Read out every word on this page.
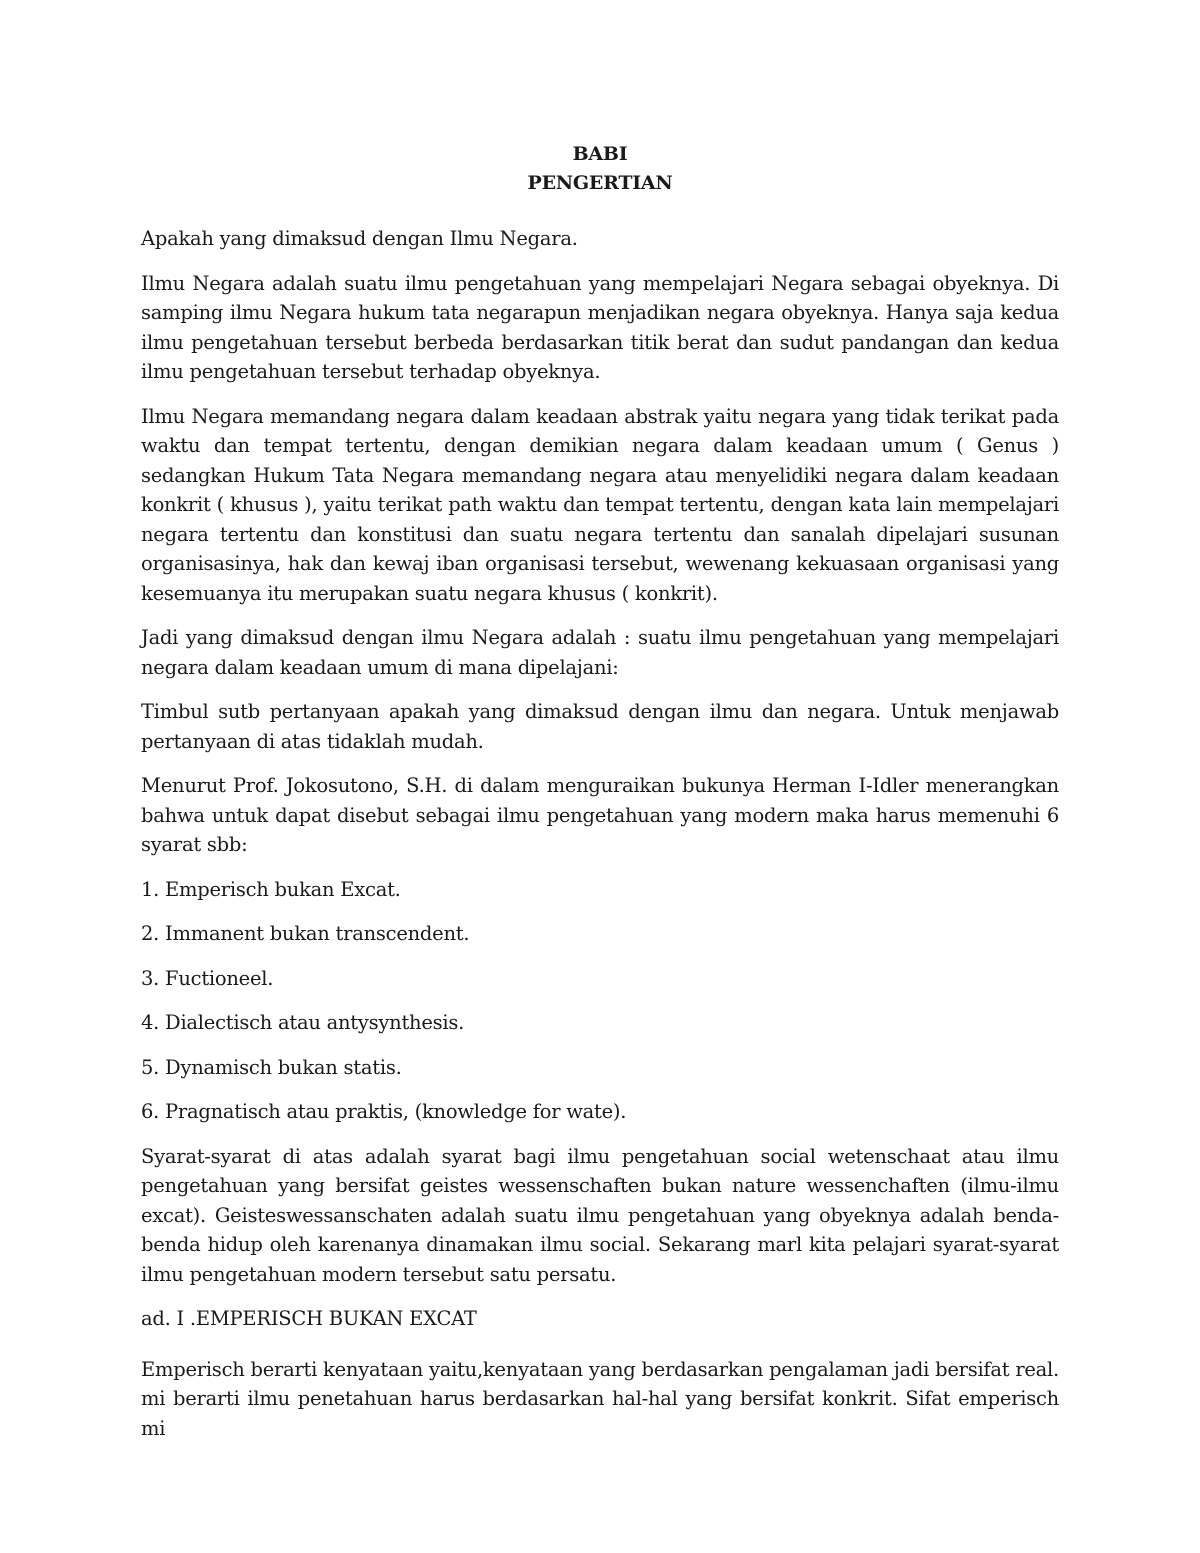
BABI

PENGERTIAN

Apakah yang dimaksud dengan Ilmu Negara.

Ilmu Negara adalah suatu ilmu pengetahuan yang mempelajari Negara sebagai obyeknya. Di samping ilmu Negara hukum tata negarapun menjadikan negara obyeknya. Hanya saja kedua ilmu pengetahuan tersebut berbeda berdasarkan titik berat dan sudut pandangan dan kedua ilmu pengetahuan tersebut terhadap obyeknya.

Ilmu Negara memandang negara dalam keadaan abstrak yaitu negara yang tidak terikat pada waktu dan tempat tertentu, dengan demikian negara dalam keadaan umum ( Genus ) sedangkan Hukum Tata Negara memandang negara atau menyelidiki negara dalam keadaan konkrit ( khusus ), yaitu terikat path waktu dan tempat tertentu, dengan kata lain mempelajari negara tertentu dan konstitusi dan suatu negara tertentu dan sanalah dipelajari susunan organisasinya, hak dan kewaj iban organisasi tersebut, wewenang kekuasaan organisasi yang kesemuanya itu merupakan suatu negara khusus ( konkrit).

Jadi yang dimaksud dengan ilmu Negara adalah : suatu ilmu pengetahuan yang mempelajari negara dalam keadaan umum di mana dipelajani:

Timbul sutb pertanyaan apakah yang dimaksud dengan ilmu dan negara. Untuk menjawab pertanyaan di atas tidaklah mudah.

Menurut Prof. Jokosutono, S.H. di dalam menguraikan bukunya Herman I-Idler menerangkan bahwa untuk dapat disebut sebagai ilmu pengetahuan yang modern maka harus memenuhi 6 syarat sbb:

1. Emperisch bukan Excat.

2. Immanent bukan transcendent.

3. Fuctioneel.

4. Dialectisch atau antysynthesis.

5. Dynamisch bukan statis.

6. Pragnatisch atau praktis, (knowledge for wate).

Syarat-syarat di atas adalah syarat bagi ilmu pengetahuan social wetenschaat atau ilmu pengetahuan yang bersifat geistes wessenschaften bukan nature wessenchaften (ilmu-ilmu excat). Geisteswessanschaten adalah suatu ilmu pengetahuan yang obyeknya adalah benda-benda hidup oleh karenanya dinamakan ilmu social. Sekarang marl kita pelajari syarat-syarat ilmu pengetahuan modern tersebut satu persatu.

ad. I .EMPERISCH BUKAN EXCAT

Emperisch berarti kenyataan yaitu,kenyataan yang berdasarkan pengalaman jadi bersifat real. mi berarti ilmu penetahuan harus berdasarkan hal-hal yang bersifat konkrit. Sifat emperisch mi
